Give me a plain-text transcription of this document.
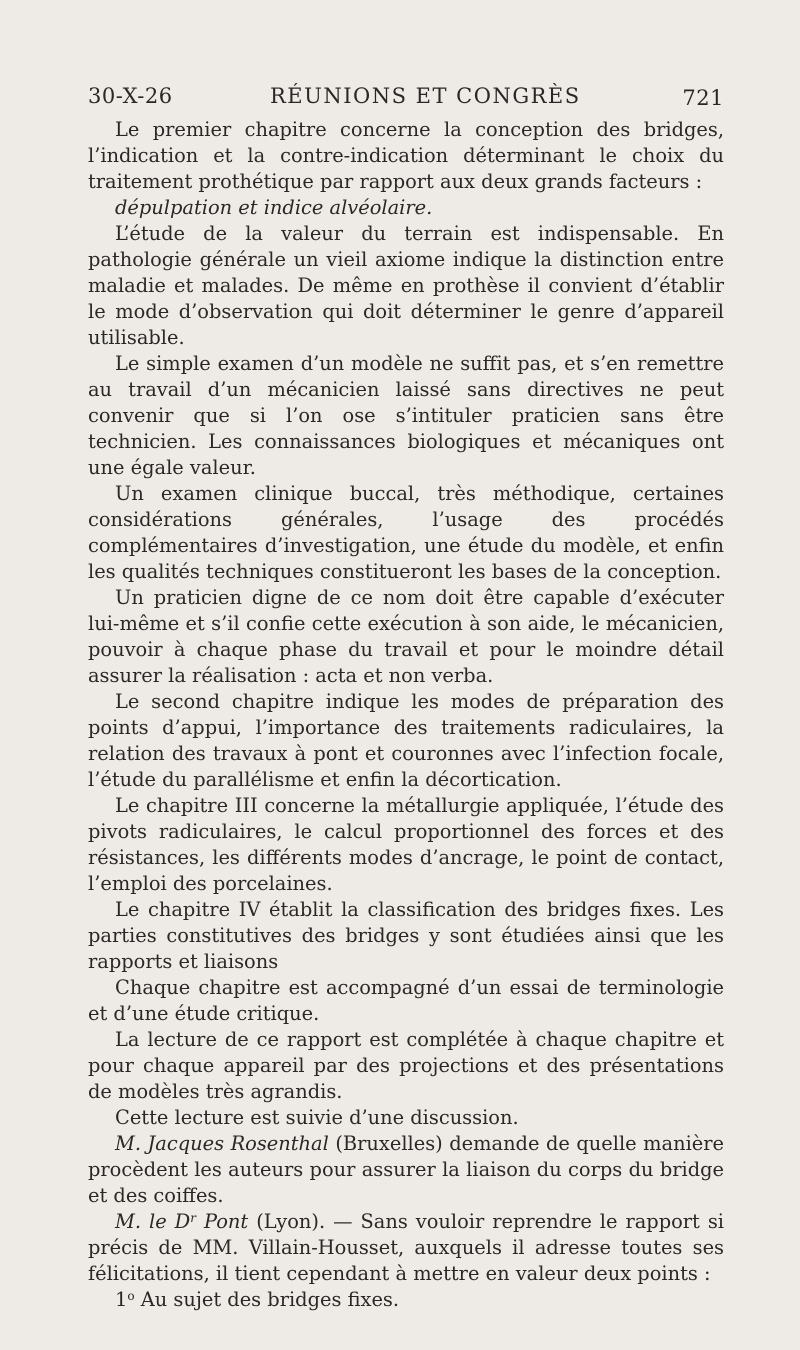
30-X-26	RÉUNIONS ET CONGRÈS	721

Le premier chapitre concerne la conception des bridges, l’indication et la contre-indication déterminant le choix du traitement prothétique par rapport aux deux grands facteurs :

dépulpation et indice alvéolaire.

L’étude de la valeur du terrain est indispensable. En pathologie générale un vieil axiome indique la distinction entre maladie et malades. De même en prothèse il convient d’établir le mode d’observation qui doit déterminer le genre d’appareil utilisable.

Le simple examen d’un modèle ne suffit pas, et s’en remettre au travail d’un mécanicien laissé sans directives ne peut convenir que si l’on ose s’intituler praticien sans être technicien. Les connaissances biologiques et mécaniques ont une égale valeur.

Un examen clinique buccal, très méthodique, certaines considérations générales, l’usage des procédés complémentaires d’investigation, une étude du modèle, et enfin les qualités techniques constitueront les bases de la conception.

Un praticien digne de ce nom doit être capable d’exécuter lui-même et s’il confie cette exécution à son aide, le mécanicien, pouvoir à chaque phase du travail et pour le moindre détail assurer la réalisation : acta et non verba.

Le second chapitre indique les modes de préparation des points d’appui, l’importance des traitements radiculaires, la relation des travaux à pont et couronnes avec l’infection focale, l’étude du parallélisme et enfin la décortication.

Le chapitre III concerne la métallurgie appliquée, l’étude des pivots radiculaires, le calcul proportionnel des forces et des résistances, les différents modes d’ancrage, le point de contact, l’emploi des porcelaines.

Le chapitre IV établit la classification des bridges fixes. Les parties constitutives des bridges y sont étudiées ainsi que les rapports et liaisons

Chaque chapitre est accompagné d’un essai de terminologie et d’une étude critique.

La lecture de ce rapport est complétée à chaque chapitre et pour chaque appareil par des projections et des présentations de modèles très agrandis.

Cette lecture est suivie d’une discussion.

M. Jacques Rosenthal (Bruxelles) demande de quelle manière procèdent les auteurs pour assurer la liaison du corps du bridge et des coiffes.

M. le $D^r$ Pont (Lyon). — Sans vouloir reprendre le rapport si précis de MM. Villain-Housset, auxquels il adresse toutes ses félicitations, il tient cependant à mettre en valeur deux points :

1$^o$ Au sujet des bridges fixes.
